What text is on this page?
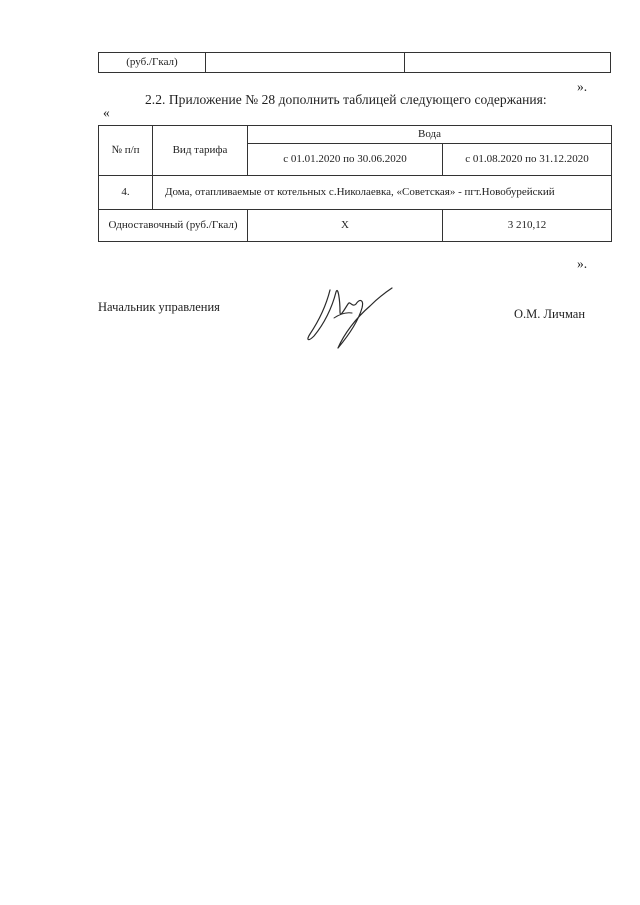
(руб./Гкал)		
2.2. Приложение № 28 дополнить таблицей следующего содержания:
».
«
№ п/п	Вид тарифа	Вода	
		с 01.01.2020 по 30.06.2020	с 01.08.2020 по 31.12.2020
4.	Дома, отапливаемые от котельных с.Николаевка, «Советская» - пгт.Новобурейский		
Одноставочный (руб./Гкал)		Х	3 210,12
».
Начальник управления	О.М. Личман
